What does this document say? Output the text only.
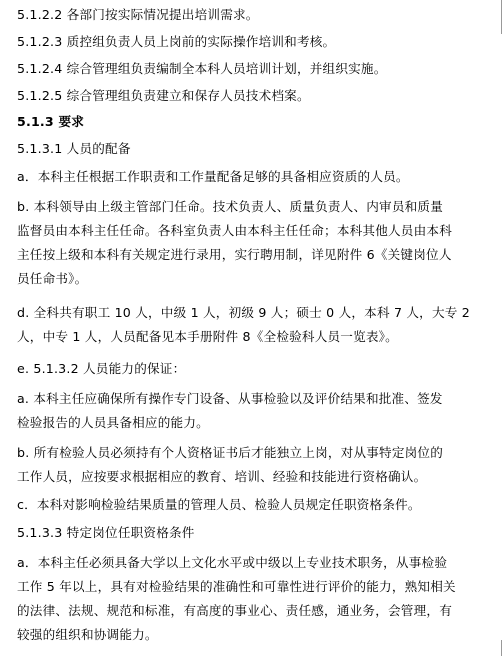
5.1.2.2 各部门按实际情况提出培训需求。
5.1.2.3 质控组负责人员上岗前的实际操作培训和考核。
5.1.2.4 综合管理组负责编制全本科人员培训计划，并组织实施。
5.1.2.5 综合管理组负责建立和保存人员技术档案。
5.1.3 要求
5.1.3.1 人员的配备
a．本科主任根据工作职责和工作量配备足够的具备相应资质的人员。
b. 本科领导由上级主管部门任命。技术负责人、质量负责人、内审员和质量
监督员由本科主任任命。各科室负责人由本科主任任命；本科其他人员由本科
主任按上级和本科有关规定进行录用，实行聘用制，详见附件 6《关键岗位人
员任命书》。
d. 全科共有职工 10 人，中级 1 人，初级 9 人；硕士 0 人，本科 7 人，大专 2
人，中专 1 人，人员配备见本手册附件 8《全检验科人员一览表》。
e. 5.1.3.2 人员能力的保证：
a. 本科主任应确保所有操作专门设备、从事检验以及评价结果和批准、签发
检验报告的人员具备相应的能力。
b. 所有检验人员必须持有个人资格证书后才能独立上岗，对从事特定岗位的
工作人员，应按要求根据相应的教育、培训、经验和技能进行资格确认。
c．本科对影响检验结果质量的管理人员、检验人员规定任职资格条件。
5.1.3.3 特定岗位任职资格条件
a．本科主任必须具备大学以上文化水平或中级以上专业技术职务，从事检验
工作 5 年以上，具有对检验结果的准确性和可靠性进行评价的能力，熟知相关
的法律、法规、规范和标准，有高度的事业心、责任感，通业务，会管理，有
较强的组织和协调能力。
